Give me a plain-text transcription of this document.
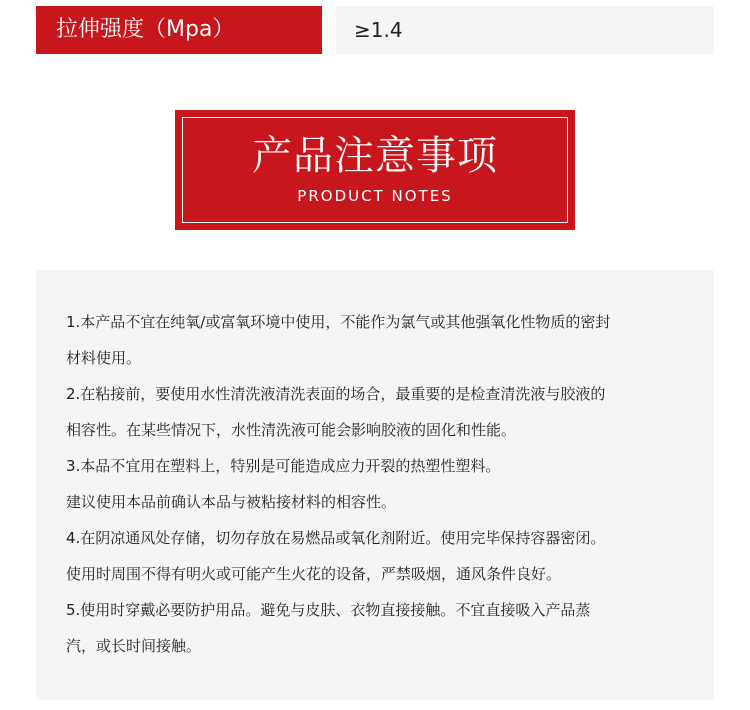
拉伸强度（Mpa）	≥1.4
产品注意事项
PRODUCT NOTES
1.本产品不宜在纯氧/或富氧环境中使用，不能作为氯气或其他强氧化性物质的密封
材料使用。
2.在粘接前，要使用水性清洗液清洗表面的场合，最重要的是检查清洗液与胶液的
相容性。在某些情况下，水性清洗液可能会影响胶液的固化和性能。
3.本品不宜用在塑料上，特别是可能造成应力开裂的热塑性塑料。
建议使用本品前确认本品与被粘接材料的相容性。
4.在阴凉通风处存储，切勿存放在易燃品或氧化剂附近。使用完毕保持容器密闭。
使用时周围不得有明火或可能产生火花的设备，严禁吸烟，通风条件良好。
5.使用时穿戴必要防护用品。避免与皮肤、衣物直接接触。不宜直接吸入产品蒸
汽，或长时间接触。
